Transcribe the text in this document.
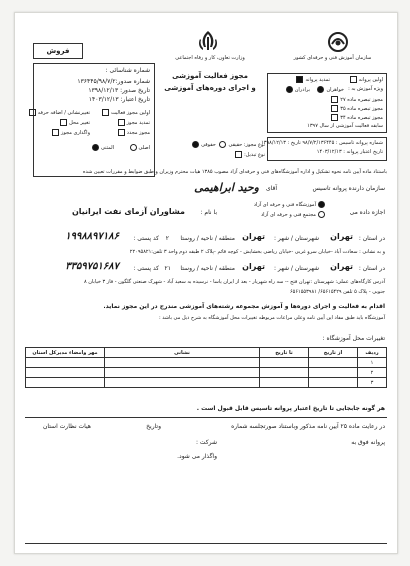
وزارت تعاون، کار و رفاه اجتماعی	سازمان آموزش فنی و حرفه‌ای کشور
فروش
شماره شناسائی :
شماره صدور:۱۳۶۴۴۵/۹۸/۷/۲
تاریخ صدور: ۱۳۹۸/۱۲/۱۳
تاریخ اعتبار: ۱۴۰۳/۱۲/۱۳
اولین مجوز فعالیت
تغییرنشانی / اضافه حرفه
تمدید مجوز
تغییر محل
مجوز مجدد
واگذاری مجوز
اصلی
المثنی
مجوز فعالیت آموزشی
و اجرای دوره‌های آموزشی
اولین پروانه
تمدید پروانه
ویژه آموزش به :
خواهران
برادران
مجوز تبصره ماده ۲۷
مجوز تبصره ماده ۳۵
مجوز تبصره ماده ۳۴
سابقه فعالیت آموزشی از سال ۱۳۹۷
نوع مجوز: حقیقی حقوقی
نوع تبدیل:
شماره پروانه تاسیس : ۹۸/۷/۲/۱۳۶۴۴۵ تاریخ : ۱۳۹۸/۱۲/۱۳
تاریخ اعتبار پروانه : ۱۴۰۳/۱۲/۱۳
باستناد ماده آیین نامه نحوه تشکیل و اداره آموزشگاه‌های فنی و حرفه‌ای آزاد مصوب ۱۳۸۵ هیات محترم وزیران و طبق ضوابط و مقررات تعیین شده
سازمان دارنده پروانه تاسیس
آقای
وحید ابراهیمی
آموزشگاه فنی و حرفه ای آزاد
اجازه داده می
مجتمع فنی و حرفه ای آزاد
با نام :
مشاوران آزمای نفت ایرانیان
در استان :
تهران
شهرستان / شهر :
تهران
منطقه / ناحیه / روستا
۲
کد پستی :
۱۹۹۸۸۹۷۱۸۶
و به نشانی : سعادت آباد -خیابان سرو غربی -خیابان ریاضی بخشایش - کوچه قائم -پلاک ۲ طبقه دوم واحد ۳ تلفن:۲۲۰۹۵۸۲۱
در استان :
تهران
شهرستان / شهر :
تهران
منطقه / ناحیه / روستا
۲۱
کد پستی :
۳۳۵۹۷۵۱۶۸۷
آدرس کارگاه‌های عملی: شهرستان :تهران فتح -- سه راه شهریار - بعد از ایران یاسا - نرسیده به سعید آباد - شهرک صنعتی گلگون - فاز ۳ خیابان ۸
جنوبی - پلاک ۵ تلفن ۶۵۶۱۵۴۲۹/ ۶۵۶۱۵۵۳۹۸۱
اقدام به فعالیت و اجرای دوره‌ها و آموزش مجموعه رشته‌های آموزشی مندرج در این مجوز نماید.
آموزشگاه باید طبق مفاد این آیین نامه وعلی مراعات مربوطه تغییرات محل آموزشگاه به شرح ذیل می باشد :
تغییرات محل آموزشگاه :
ردیف	از تاریخ	تا تاریخ	نشانی	مهر وامضاء مدیرکل استان
۱				
۲				
۳				
هر گونه جابجایی تا تاریخ اعتبار پروانه تاسیس قابل قبول است .
در رعایت ماده ۲۵ آیین نامه مذکور وباستناد صورتجلسه شماره
وتاریخ
هیات نظارت استان
پروانه فوق به
شرکت :
واگذار می شود.
